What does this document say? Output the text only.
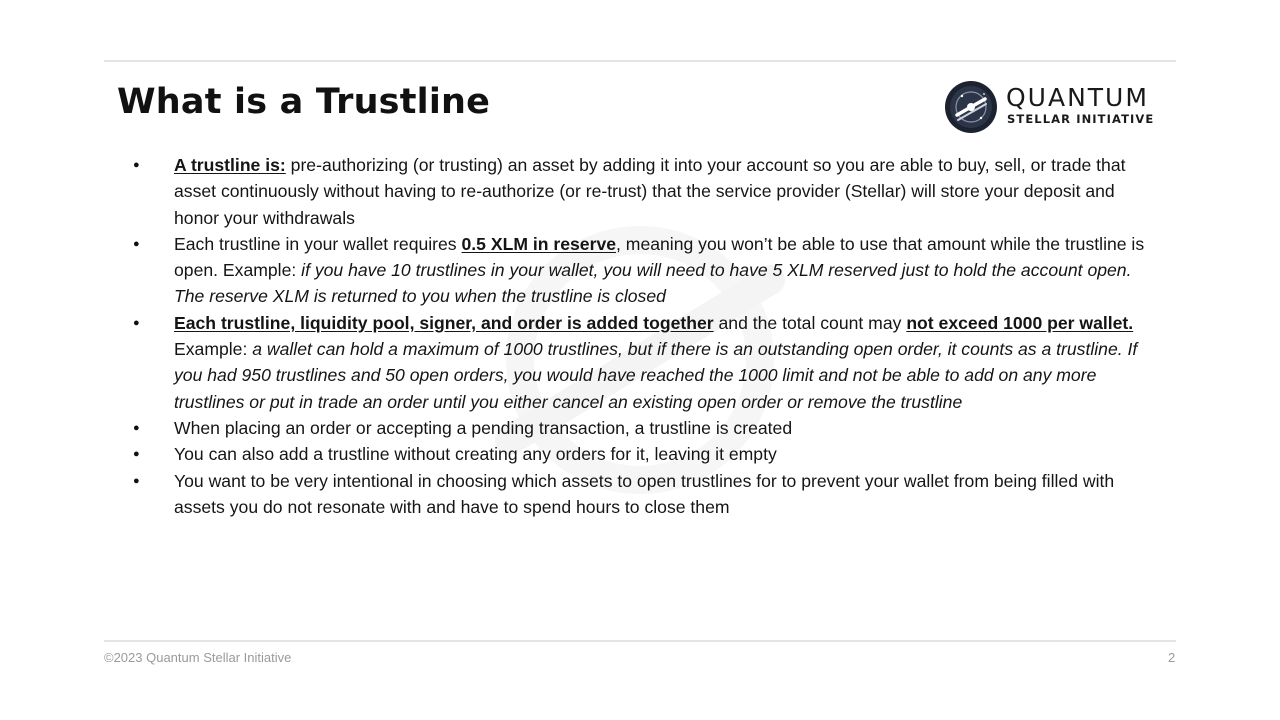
What is a Trustline	QUANTUM
STELLAR INITIATIVE
● A trustline is: pre-authorizing (or trusting) an asset by adding it into your account so you are able to buy, sell, or trade that asset continuously without having to re-authorize (or re-trust) that the service provider (Stellar) will store your deposit and honor your withdrawals
● Each trustline in your wallet requires 0.5 XLM in reserve, meaning you won’t be able to use that amount while the trustline is open. Example: if you have 10 trustlines in your wallet, you will need to have 5 XLM reserved just to hold the account open. The reserve XLM is returned to you when the trustline is closed
● Each trustline, liquidity pool, signer, and order is added together and the total count may not exceed 1000 per wallet. Example: a wallet can hold a maximum of 1000 trustlines, but if there is an outstanding open order, it counts as a trustline. If you had 950 trustlines and 50 open orders, you would have reached the 1000 limit and not be able to add on any more trustlines or put in trade an order until you either cancel an existing open order or remove the trustline
● When placing an order or accepting a pending transaction, a trustline is created
● You can also add a trustline without creating any orders for it, leaving it empty
● You want to be very intentional in choosing which assets to open trustlines for to prevent your wallet from being filled with assets you do not resonate with and have to spend hours to close them
©2023 Quantum Stellar Initiative	2
